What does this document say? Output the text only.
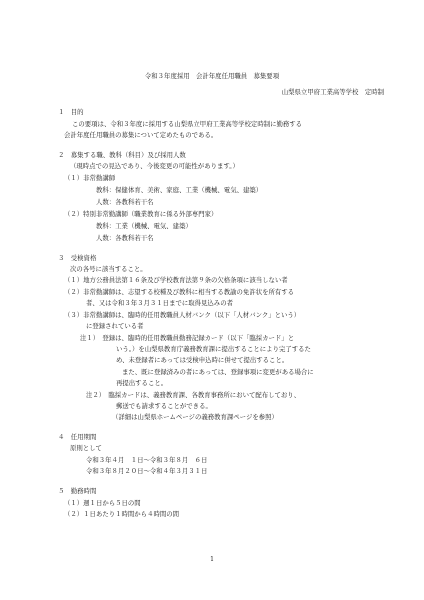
令和３年度採用　会計年度任用職員　募集要項
山梨県立甲府工業高等学校　定時制
１　目的
この要項は、令和３年度に採用する山梨県立甲府工業高等学校定時制に勤務する
会計年度任用職員の募集について定めたものである。
２　募集する職、教科（科目）及び採用人数
（現時点での見込であり、今後変更の可能性があります。）
（１）非常勤講師
教科：保健体育、美術、家庭、工業（機械、電気、建築）
人数：各教科若干名
（２）特別非常勤講師（職業教育に係る外部専門家）
教科：工業（機械、電気、建築）
人数：各教科若干名
３　受検資格
次の各号に該当すること。
（１）地方公務員法第１６条及び学校教育法第９条の欠格条項に該当しない者
（２）非常勤講師は、志望する校種及び教科に相当する教諭の免許状を所有する
者、又は令和３年３月３１日までに取得見込みの者
（３）非常勤講師は、臨時的任用教職員人材バンク（以下「人材バンク」という）
に登録されている者
注１）　登録は、臨時的任用教職員勤務記録カード（以下「臨採カード」と
いう。）を山梨県教育庁義務教育課に提出することにより完了するた
め、未登録者にあっては受検申込時に併せて提出すること。
また、既に登録済みの者にあっては、登録事項に変更がある場合に
再提出すること。
注２）　臨採カードは、義務教育課、各教育事務所において配布しており、
郵送でも請求することができる。
（詳細は山梨県ホームページの義務教育課ページを参照）
４　任用期間
原則として
令和３年４月　１日～令和３年８月　６日
令和３年８月２０日～令和４年３月３１日
５　勤務時間
（１）週１日から５日の間
（２）１日あたり１時間から４時間の間
1
